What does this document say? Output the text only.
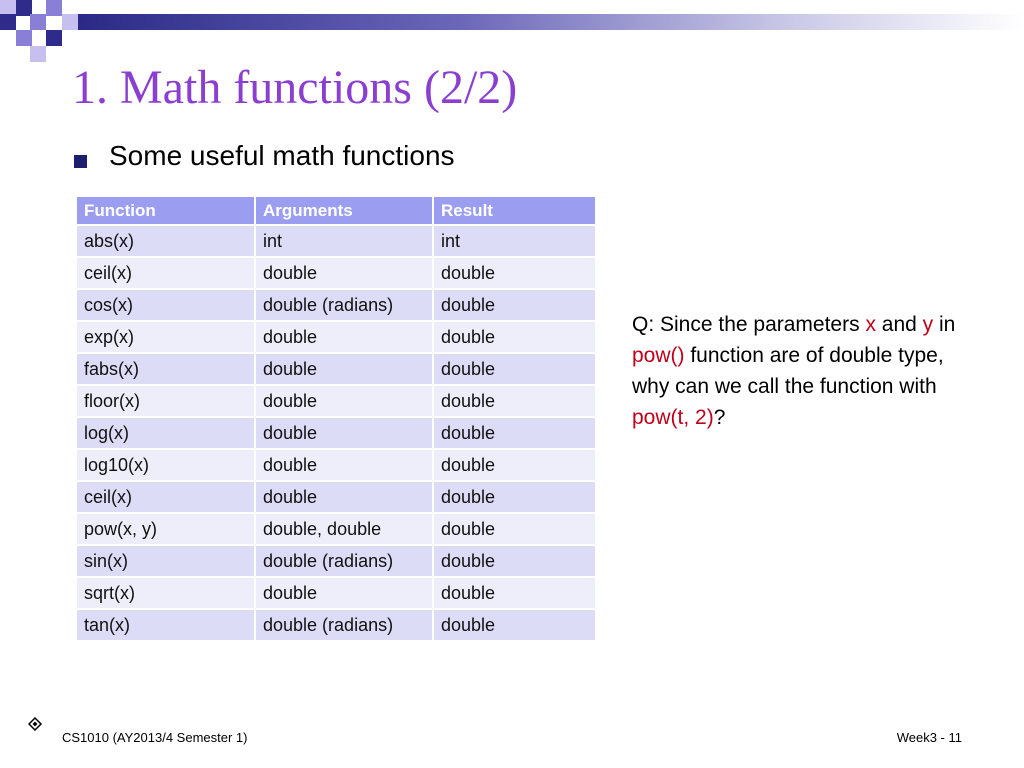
1. Math functions (2/2)
Some useful math functions
Function	Arguments	Result
abs(x)	int	int
ceil(x)	double	double
cos(x)	double (radians)	double
exp(x)	double	double
fabs(x)	double	double
floor(x)	double	double
log(x)	double	double
log10(x)	double	double
ceil(x)	double	double
pow(x, y)	double, double	double
sin(x)	double (radians)	double
sqrt(x)	double	double
tan(x)	double (radians)	double
Q: Since the parameters x and y in pow() function are of double type, why can we call the function with pow(t, 2)?
CS1010 (AY2013/4 Semester 1)	Week3 - 11
